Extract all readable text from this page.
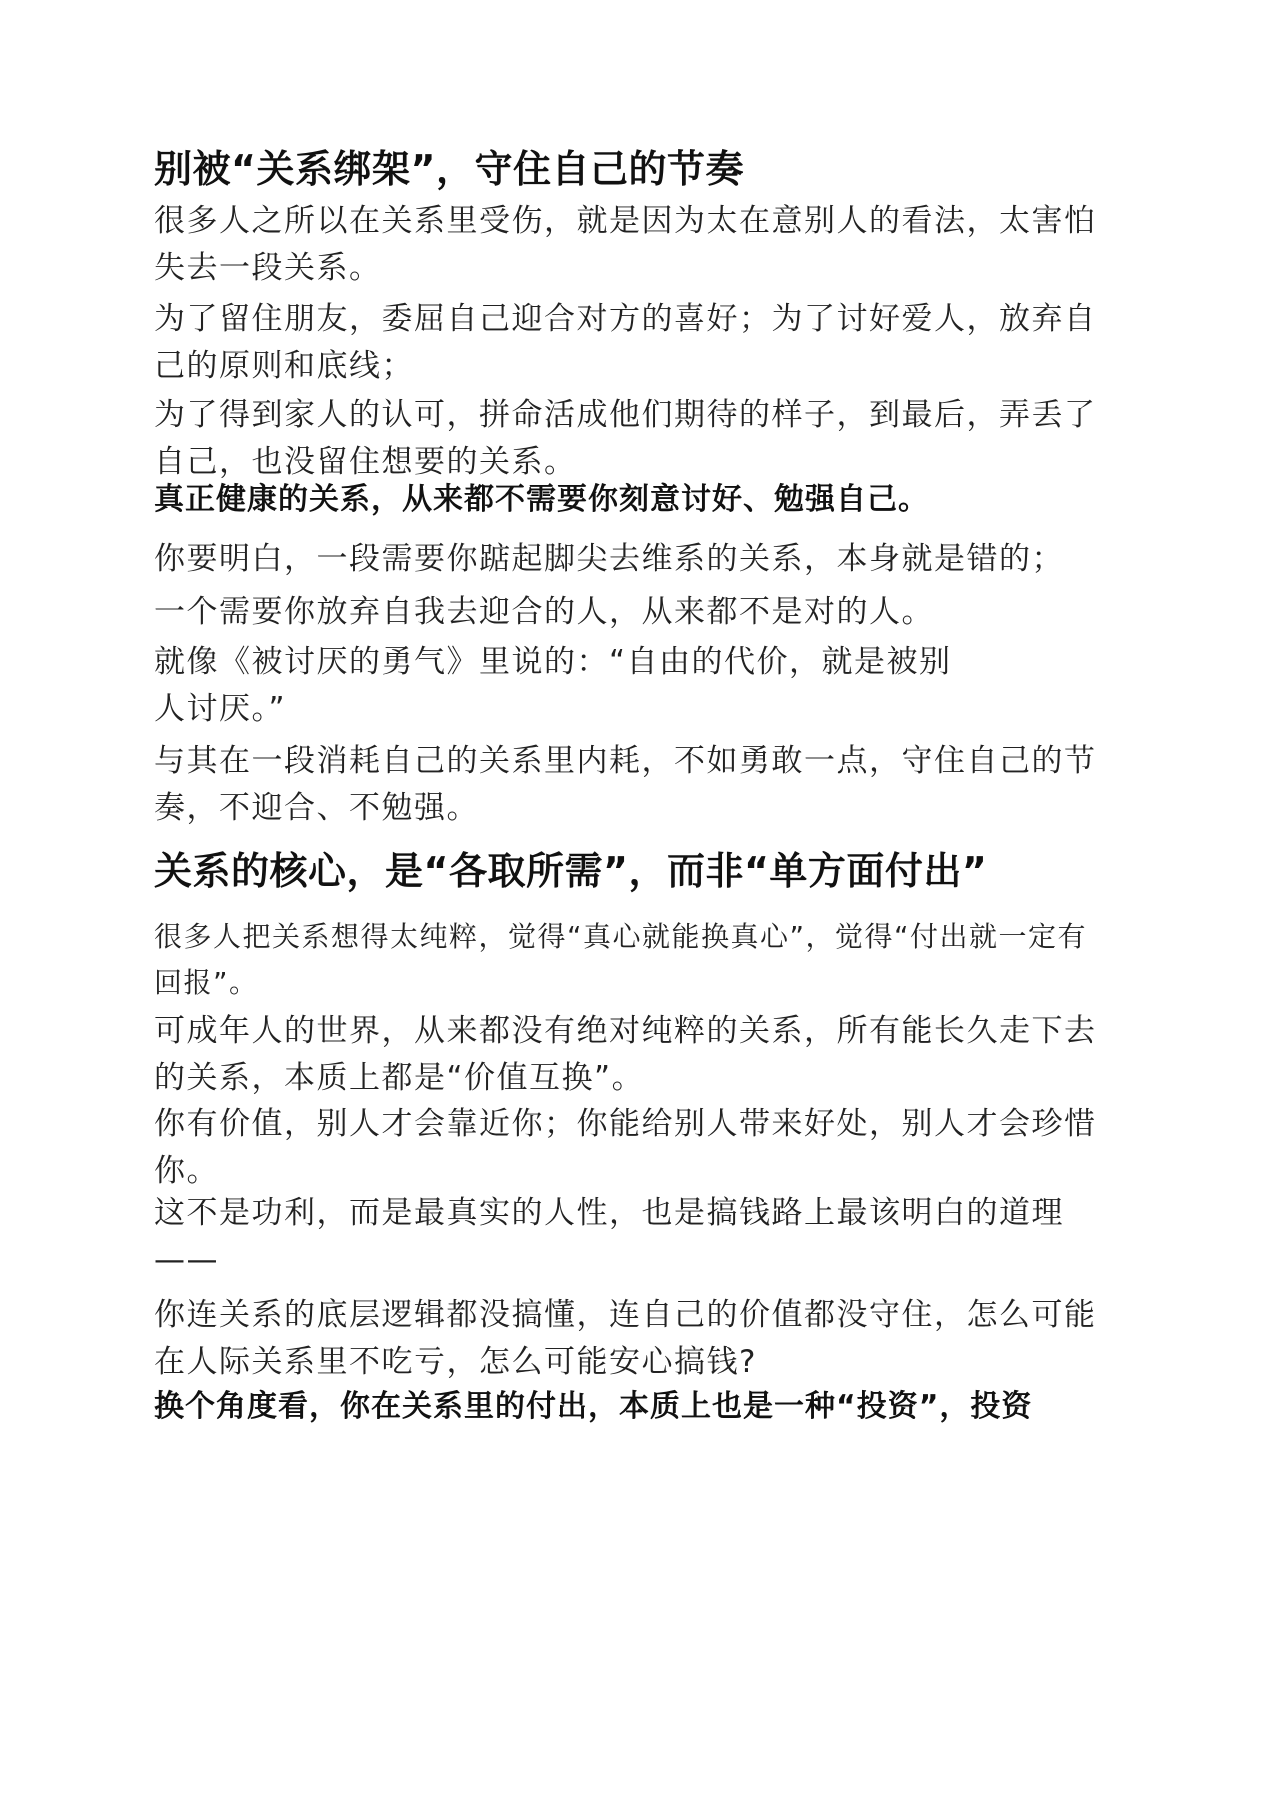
别被“关系绑架”，守住自己的节奏

很多人之所以在关系里受伤，就是因为太在意别人的看法，太害怕失去一段关系。

为了留住朋友，委屈自己迎合对方的喜好；为了讨好爱人，放弃自己的原则和底线；

为了得到家人的认可，拼命活成他们期待的样子，到最后，弄丢了自己，也没留住想要的关系。

真正健康的关系，从来都不需要你刻意讨好、勉强自己。

你要明白，一段需要你踮起脚尖去维系的关系，本身就是错的；

一个需要你放弃自我去迎合的人，从来都不是对的人。

就像《被讨厌的勇气》里说的：“自由的代价，就是被别人讨厌。”

与其在一段消耗自己的关系里内耗，不如勇敢一点，守住自己的节奏，不迎合、不勉强。

关系的核心，是“各取所需”，而非“单方面付出”

很多人把关系想得太纯粹，觉得“真心就能换真心”，觉得“付出就一定有回报”。

可成年人的世界，从来都没有绝对纯粹的关系，所有能长久走下去的关系，本质上都是“价值互换”。

你有价值，别人才会靠近你；你能给别人带来好处，别人才会珍惜你。

这不是功利，而是最真实的人性，也是搞钱路上最该明白的道理——

你连关系的底层逻辑都没搞懂，连自己的价值都没守住，怎么可能在人际关系里不吃亏，怎么可能安心搞钱?

换个角度看，你在关系里的付出，本质上也是一种“投资”，投资
